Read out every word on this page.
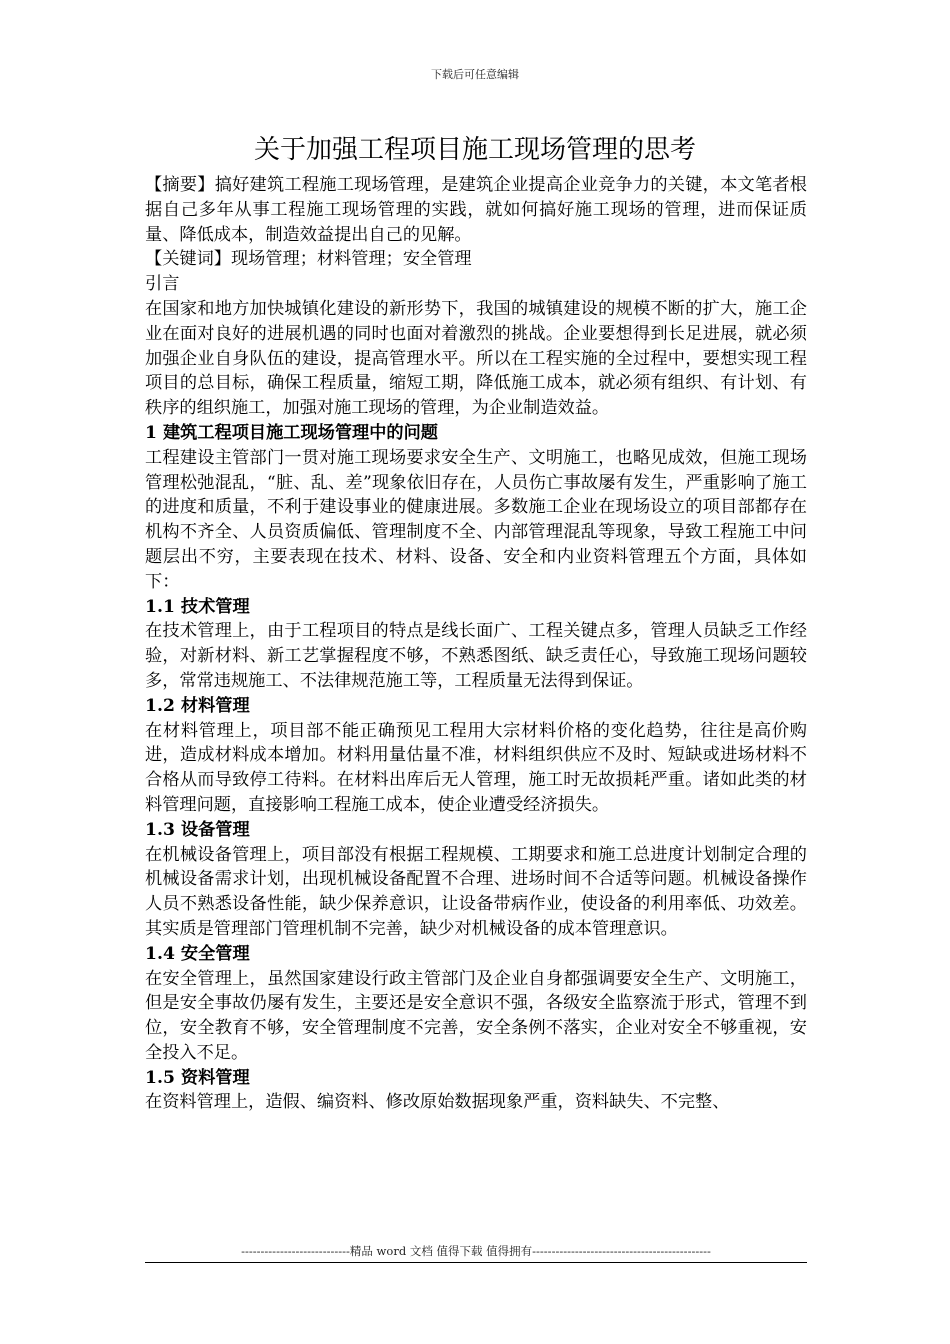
下载后可任意编辑
关于加强工程项目施工现场管理的思考

【摘要】搞好建筑工程施工现场管理，是建筑企业提高企业竞争力的关键，本文笔者根据自己多年从事工程施工现场管理的实践，就如何搞好施工现场的管理，进而保证质量、降低成本，制造效益提出自己的见解。

【关键词】现场管理；材料管理；安全管理

引言

在国家和地方加快城镇化建设的新形势下，我国的城镇建设的规模不断的扩大，施工企业在面对良好的进展机遇的同时也面对着激烈的挑战。企业要想得到长足进展，就必须加强企业自身队伍的建设，提高管理水平。所以在工程实施的全过程中，要想实现工程项目的总目标，确保工程质量，缩短工期，降低施工成本，就必须有组织、有计划、有秩序的组织施工，加强对施工现场的管理，为企业制造效益。

1 建筑工程项目施工现场管理中的问题

工程建设主管部门一贯对施工现场要求安全生产、文明施工，也略见成效，但施工现场管理松弛混乱，“脏、乱、差”现象依旧存在，人员伤亡事故屡有发生，严重影响了施工的进度和质量，不利于建设事业的健康进展。多数施工企业在现场设立的项目部都存在机构不齐全、人员资质偏低、管理制度不全、内部管理混乱等现象，导致工程施工中问题层出不穷，主要表现在技术、材料、设备、安全和内业资料管理五个方面，具体如下：

1.1 技术管理

在技术管理上，由于工程项目的特点是线长面广、工程关键点多，管理人员缺乏工作经验，对新材料、新工艺掌握程度不够，不熟悉图纸、缺乏责任心，导致施工现场问题较多，常常违规施工、不法律规范施工等，工程质量无法得到保证。

1.2 材料管理

在材料管理上，项目部不能正确预见工程用大宗材料价格的变化趋势，往往是高价购进，造成材料成本增加。材料用量估量不准，材料组织供应不及时、短缺或进场材料不合格从而导致停工待料。在材料出库后无人管理，施工时无故损耗严重。诸如此类的材料管理问题，直接影响工程施工成本，使企业遭受经济损失。

1.3 设备管理

在机械设备管理上，项目部没有根据工程规模、工期要求和施工总进度计划制定合理的机械设备需求计划，出现机械设备配置不合理、进场时间不合适等问题。机械设备操作人员不熟悉设备性能，缺少保养意识，让设备带病作业，使设备的利用率低、功效差。其实质是管理部门管理机制不完善，缺少对机械设备的成本管理意识。

1.4 安全管理

在安全管理上，虽然国家建设行政主管部门及企业自身都强调要安全生产、文明施工，但是安全事故仍屡有发生，主要还是安全意识不强，各级安全监察流于形式，管理不到位，安全教育不够，安全管理制度不完善，安全条例不落实，企业对安全不够重视，安全投入不足。

1.5 资料管理

在资料管理上，造假、编资料、修改原始数据现象严重，资料缺失、不完整、

----------------------------精品 word 文档 值得下载 值得拥有----------------------------------------------
